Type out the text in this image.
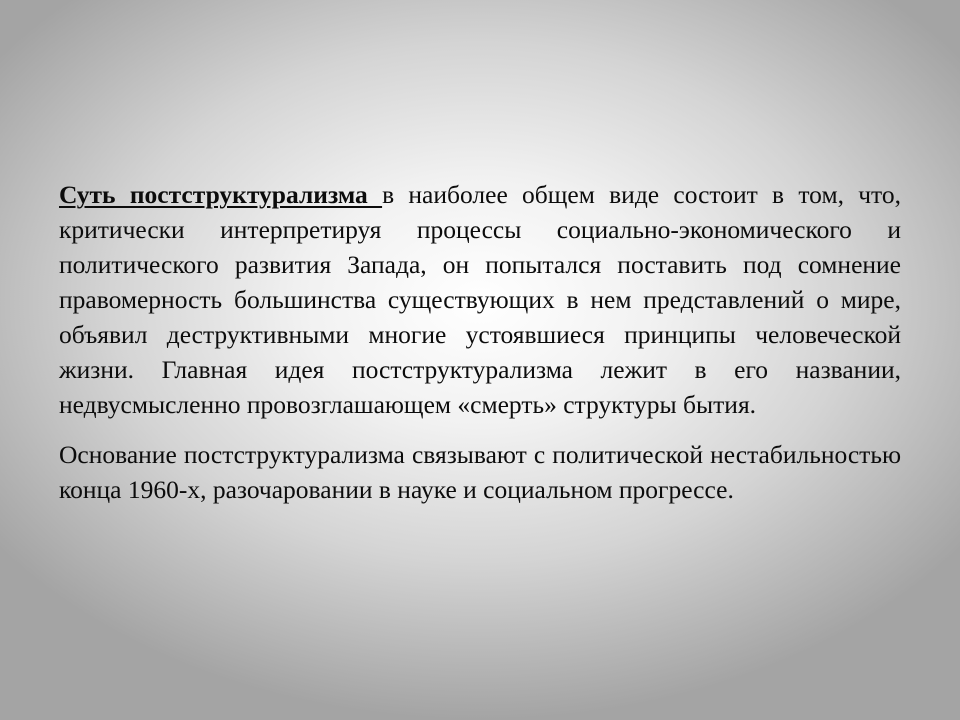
Суть постструктурализма в наиболее общем виде состоит в том, что, критически интерпретируя процессы социально-экономического и политического развития Запада, он попытался поставить под сомнение правомерность большинства существующих в нем представлений о мире, объявил деструктивными многие устоявшиеся принципы человеческой жизни. Главная идея постструктурализма лежит в его названии, недвусмысленно провозглашающем «смерть» структуры бытия.

Основание постструктурализма связывают с политической нестабильностью конца 1960-х, разочаровании в науке и социальном прогрессе.
